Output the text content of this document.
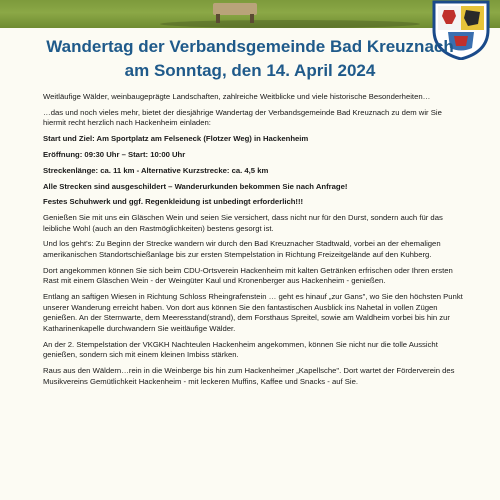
Wandertag der Verbandsgemeinde Bad Kreuznach
am Sonntag, den 14. April 2024

Weitläufige Wälder, weinbaugeprägte Landschaften, zahlreiche Weitblicke und viele historische Besonderheiten…

…das und noch vieles mehr, bietet der diesjährige Wandertag der Verbandsgemeinde Bad Kreuznach zu dem wir Sie hiermit recht herzlich nach Hackenheim einladen:

Start und Ziel: Am Sportplatz am Felseneck (Flotzer Weg) in Hackenheim

Eröffnung: 09:30 Uhr – Start: 10:00 Uhr

Streckenlänge: ca. 11 km - Alternative Kurzstrecke: ca. 4,5 km

Alle Strecken sind ausgeschildert – Wanderurkunden bekommen Sie nach Anfrage!

Festes Schuhwerk und ggf. Regenkleidung ist unbedingt erforderlich!!!

Genießen Sie mit uns ein Gläschen Wein und seien Sie versichert, dass nicht nur für den Durst, sondern auch für das leibliche Wohl (auch an den Rastmöglichkeiten) bestens gesorgt ist.

Und los geht's: Zu Beginn der Strecke wandern wir durch den Bad Kreuznacher Stadtwald, vorbei an der ehemaligen amerikanischen Standortschießanlage bis zur ersten Stempelstation in Richtung Freizeitgelände auf den Kuhberg.

Dort angekommen können Sie sich beim CDU-Ortsverein Hackenheim mit kalten Getränken erfrischen oder Ihren ersten Rast mit einem Gläschen Wein - der Weingüter Kaul und Kronenberger aus Hackenheim - genießen.

Entlang an saftigen Wiesen in Richtung Schloss Rheingrafenstein … geht es hinauf „zur Gans", wo Sie den höchsten Punkt unserer Wanderung erreicht haben. Von dort aus können Sie den fantastischen Ausblick ins Nahetal in vollen Zügen genießen. An der Sternwarte, dem Meeresstand(strand), dem Forsthaus Spreitel, sowie am Waldheim vorbei bis hin zur Katharinenkapelle durchwandern Sie weitläufige Wälder.

An der 2. Stempelstation der VKGKH Nachteulen Hackenheim angekommen, können Sie nicht nur die tolle Aussicht genießen, sondern sich mit einem kleinen Imbiss stärken.

Raus aus den Wäldern…rein in die Weinberge bis hin zum Hackenheimer „Kapellsche". Dort wartet der Förderverein des Musikvereins Gemütlichkeit Hackenheim - mit leckeren Muffins, Kaffee und Snacks - auf Sie.
